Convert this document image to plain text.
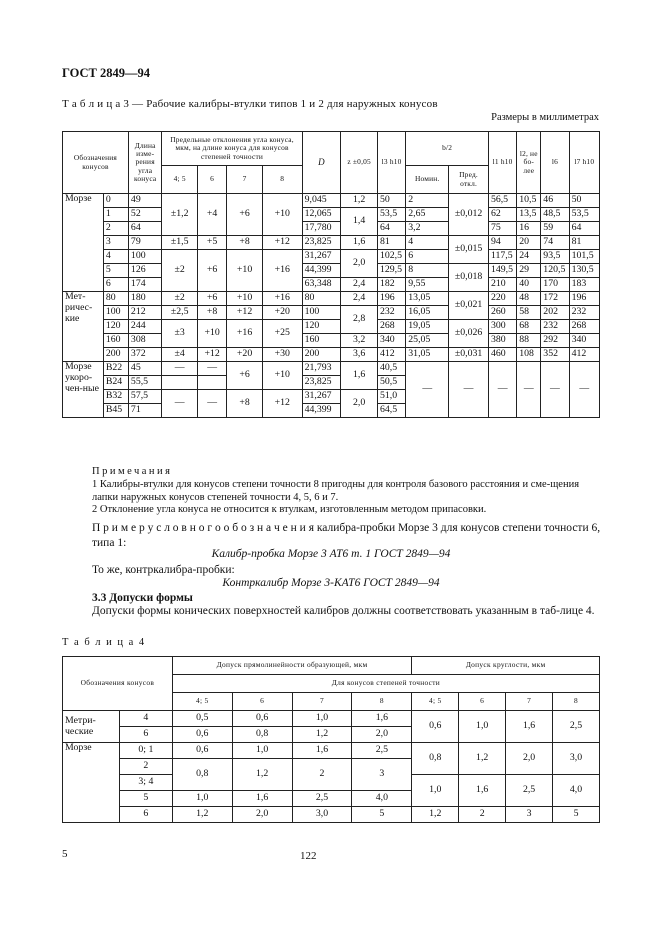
ГОСТ 2849—94
Т а б л и ц а 3 — Рабочие калибры-втулки типов 1 и 2 для наружных конусов
Размеры в миллиметрах
Обозначения конусов		Длина изме-рения угла конуса	Предельные отклонения угла конуса, мкм, на длине конуса для конусов степеней точности				D	z ±0,05	l3 h10	b/2		l1 h10	l2, не бо-лее	l6	l7 h10
			4; 5	6	7	8				Номин.	Пред. откл.				
Морзе	0	49	±1,2	+4	+6	+10	9,045	1,2	50	2	±0,012	56,5	10,5	46	50
	1	52					12,065	1,4	53,5	2,65		62	13,5	48,5	53,5
	2	64					17,780		64	3,2		75	16	59	64
	3	79	±1,5	+5	+8	+12	23,825	1,6	81	4	±0,015	94	20	74	81
	4	100	±2	+6	+10	+16	31,267	2,0	102,5	6		117,5	24	93,5	101,5
	5	126					44,399		129,5	8	±0,018	149,5	29	120,5	130,5
	6	174					63,348	2,4	182	9,55		210	40	170	183
Мет-ричес-кие	80	180	±2	+6	+10	+16	80	2,4	196	13,05	±0,021	220	48	172	196
	100	212	±2,5	+8	+12	+20	100	2,8	232	16,05		260	58	202	232
	120	244	±3	+10	+16	+25	120		268	19,05	±0,026	300	68	232	268
	160	308					160	3,2	340	25,05		380	88	292	340
	200	372	±4	+12	+20	+30	200	3,6	412	31,05	±0,031	460	108	352	412
Морзе укоро-чен-ные	B22	45	—	—	+6	+10	21,793	1,6	40,5	—	—	—	—	—	—
	B24	55,5					23,825		50,5						
	B32	57,5	—	—	+8	+12	31,267	2,0	51,0						
	B45	71					44,399		64,5						
Примечания
1 Калибры-втулки для конусов степени точности 8 пригодны для контроля базового расстояния и сме-щения лапки наружных конусов степеней точности 4, 5, 6 и 7.
2 Отклонение угла конуса не относится к втулкам, изготовленным методом припасовки.
П р и м е р у с л о в н о г о о б о з н а ч е н и я калибра-пробки Морзе 3 для конусов степени точности 6, типа 1:
Калибр-пробка Морзе 3 АТ6 т. 1 ГОСТ 2849—94
То же, контркалибра-пробки:
Контркалибр Морзе 3-КАТ6 ГОСТ 2849—94
3.3 Допуски формы
Допуски формы конических поверхностей калибров должны соответствовать указанным в таб-лице 4.
Т а б л и ц а 4
Обозначения конусов		Допуск прямолинейности образующей, мкм				Допуск круглости, мкм			
		Для конусов степеней точности							
		4; 5	6	7	8	4; 5	6	7	8

Метри-
ческие	4	0,5	0,6	1,0	1,6	0,6	1,0	1,6	2,5
	6	0,6	0,8	1,2	2,0				
Морзе	0; 1	0,6	1,0	1,6	2,5	0,8	1,2	2,0	3,0
	2	0,8	1,2	2	3				
	3; 4					1,0	1,6	2,5	4,0
	5	1,0	1,6	2,5	4,0				
	6	1,2	2,0	3,0	5	1,2	2	3	5
5	122
